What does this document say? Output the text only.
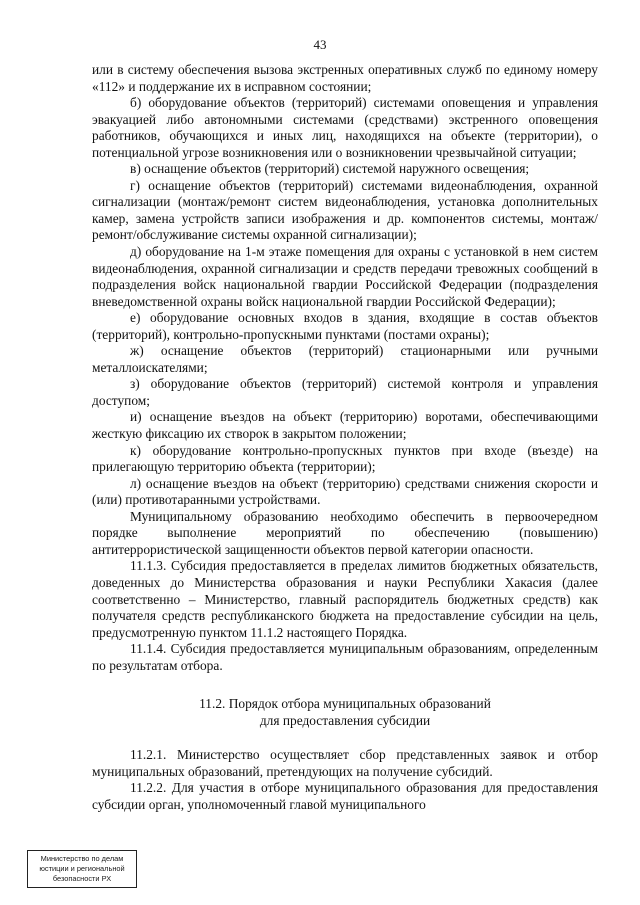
43

или в систему обеспечения вызова экстренных оперативных служб по единому номеру «112» и поддержание их в исправном состоянии;

б) оборудование объектов (территорий) системами оповещения и управления эвакуацией либо автономными системами (средствами) экстренного оповещения работников, обучающихся и иных лиц, находящихся на объекте (территории), о потенциальной угрозе возникновения или о возникновении чрезвычайной ситуации;

в) оснащение объектов (территорий) системой наружного освещения;

г) оснащение объектов (территорий) системами видеонаблюдения, охранной сигнализации (монтаж/ремонт систем видеонаблюдения, установка дополнительных камер, замена устройств записи изображения и др. компонентов системы, монтаж/ремонт/обслуживание системы охранной сигнализации);

д) оборудование на 1-м этаже помещения для охраны с установкой в нем систем видеонаблюдения, охранной сигнализации и средств передачи тревожных сообщений в подразделения войск национальной гвардии Российской Федерации (подразделения вневедомственной охраны войск национальной гвардии Российской Федерации);

е) оборудование основных входов в здания, входящие в состав объектов (территорий), контрольно-пропускными пунктами (постами охраны);

ж) оснащение объектов (территорий) стационарными или ручными металлоискателями;

з) оборудование объектов (территорий) системой контроля и управления доступом;

и) оснащение въездов на объект (территорию) воротами, обеспечивающими жесткую фиксацию их створок в закрытом положении;

к) оборудование контрольно-пропускных пунктов при входе (въезде) на прилегающую территорию объекта (территории);

л) оснащение въездов на объект (территорию) средствами снижения скорости и (или) противотаранными устройствами.

Муниципальному образованию необходимо обеспечить в первоочередном порядке выполнение мероприятий по обеспечению (повышению) антитеррористической защищенности объектов первой категории опасности.

11.1.3. Субсидия предоставляется в пределах лимитов бюджетных обязательств, доведенных до Министерства образования и науки Республики Хакасия (далее соответственно – Министерство, главный распорядитель бюджетных средств) как получателя средств республиканского бюджета на предоставление субсидии на цель, предусмотренную пунктом 11.1.2 настоящего Порядка.

11.1.4. Субсидия предоставляется муниципальным образованиям, определенным по результатам отбора.

11.2. Порядок отбора муниципальных образований
для предоставления субсидии

11.2.1. Министерство осуществляет сбор представленных заявок и отбор муниципальных образований, претендующих на получение субсидий.

11.2.2. Для участия в отборе муниципального образования для предоставления субсидии орган, уполномоченный главой муниципального

Министерство по делам
юстиции и региональной
безопасности РХ
